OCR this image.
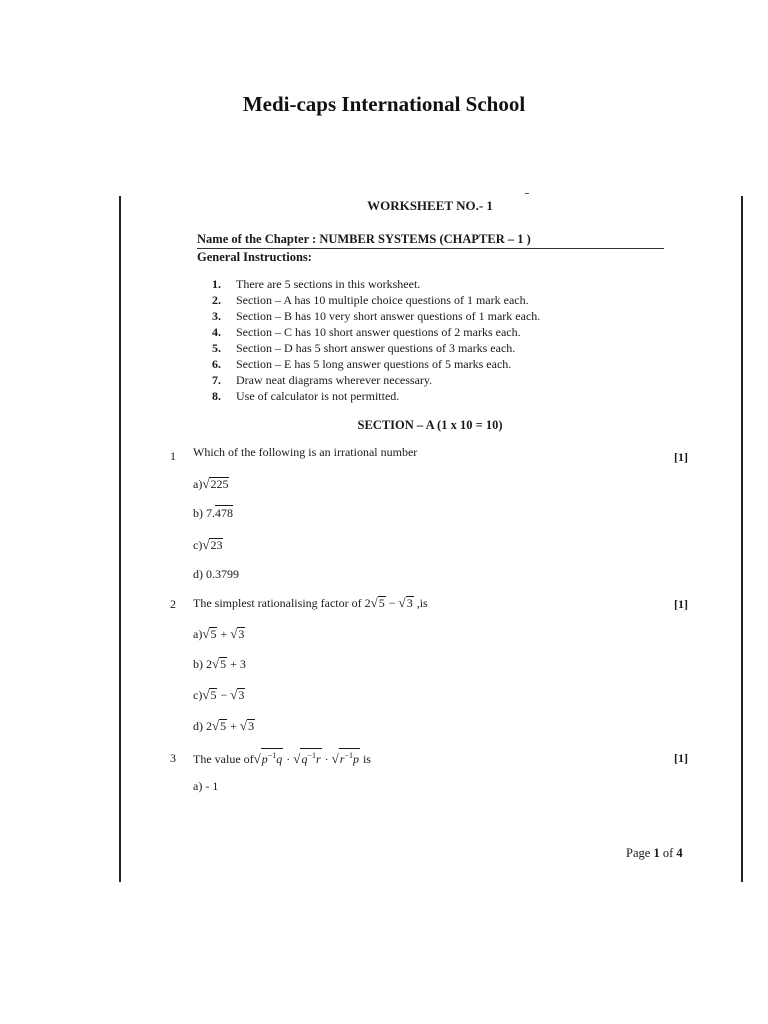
Medi-caps International School
WORKSHEET NO.- 1
Name of the Chapter : NUMBER SYSTEMS (CHAPTER – 1 )
General Instructions:
1.	There are 5 sections in this worksheet.
2.	Section – A has 10 multiple choice questions of 1 mark each.
3.	Section – B has 10 very short answer questions of 1 mark each.
4.	Section – C has 10 short answer questions of 2 marks each.
5.	Section – D has 5 short answer questions of 3 marks each.
6.	Section – E has 5 long answer questions of 5 marks each.
7.	Draw neat diagrams wherever necessary.
8.	Use of calculator is not permitted.
SECTION – A (1 x 10 = 10)
1 Which of the following is an irrational number	[1]
a)√225
b) 7.478
c)√23
d) 0.3799
2 The simplest rationalising factor of 2√5 − √3 ,is	[1]
a)√5 + √3
b) 2√5 + 3
c)√5 − √3
d) 2√5 + √3
3 The value $of√p^{-1}q \cdot √q^{-1}r \cdot √r^{-1}p$ is	[1]
a) - 1
Page 1 of 4
